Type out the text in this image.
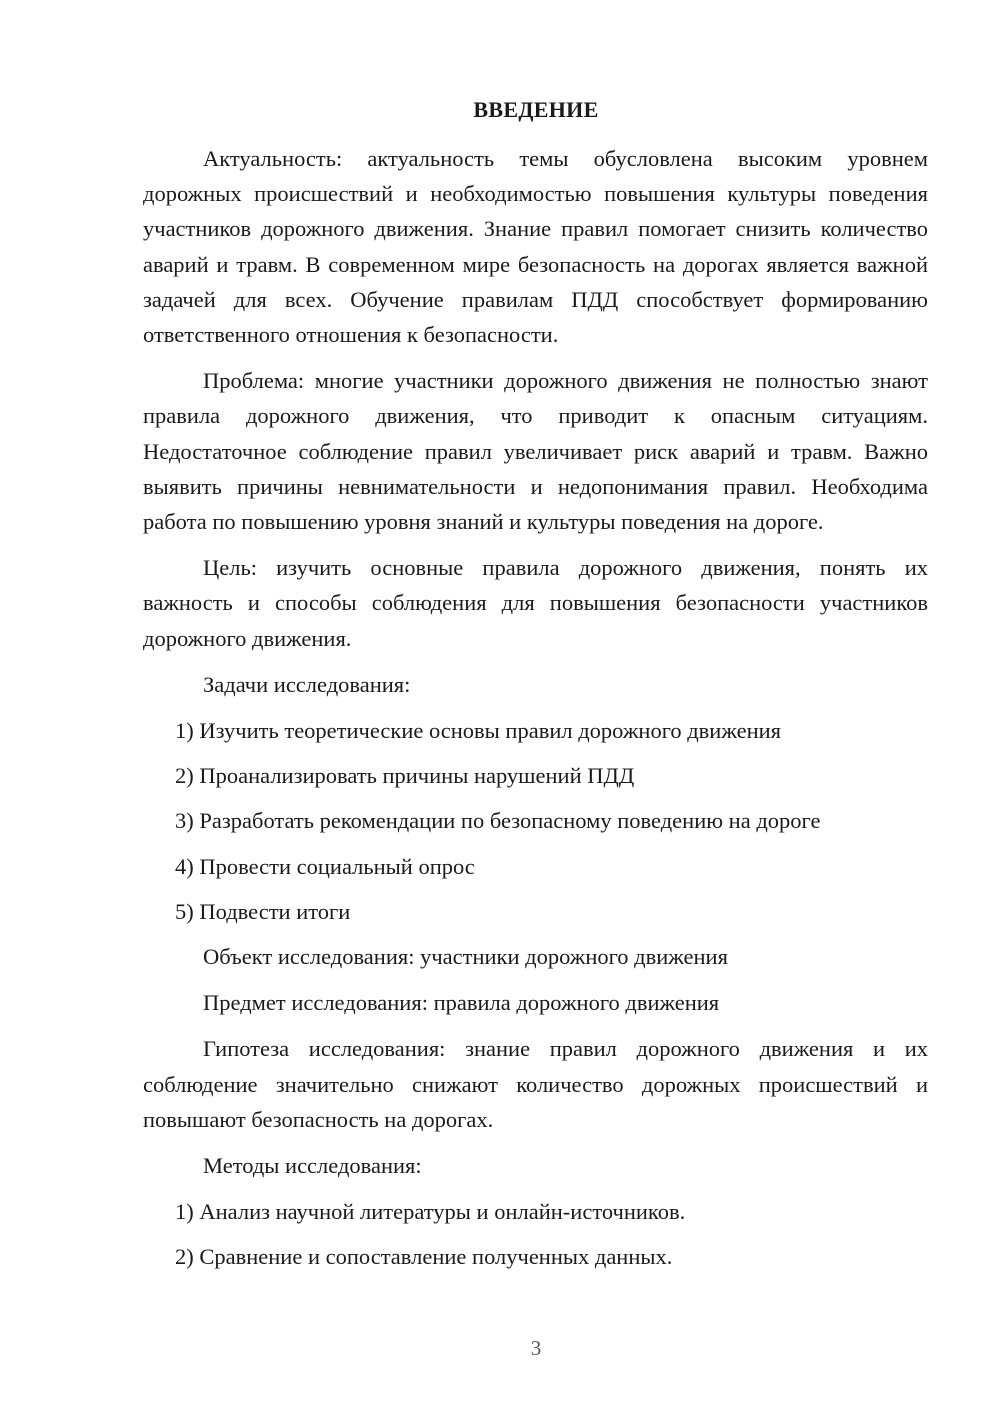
ВВЕДЕНИЕ

Актуальность: актуальность темы обусловлена высоким уровнем дорожных происшествий и необходимостью повышения культуры поведения участников дорожного движения. Знание правил помогает снизить количество аварий и травм. В современном мире безопасность на дорогах является важной задачей для всех. Обучение правилам ПДД способствует формированию ответственного отношения к безопасности.

Проблема: многие участники дорожного движения не полностью знают правила дорожного движения, что приводит к опасным ситуациям. Недостаточное соблюдение правил увеличивает риск аварий и травм. Важно выявить причины невнимательности и недопонимания правил. Необходима работа по повышению уровня знаний и культуры поведения на дороге.

Цель: изучить основные правила дорожного движения, понять их важность и способы соблюдения для повышения безопасности участников дорожного движения.

Задачи исследования:

1) Изучить теоретические основы правил дорожного движения

2) Проанализировать причины нарушений ПДД

3) Разработать рекомендации по безопасному поведению на дороге

4) Провести социальный опрос

5) Подвести итоги

Объект исследования: участники дорожного движения

Предмет исследования: правила дорожного движения

Гипотеза исследования: знание правил дорожного движения и их соблюдение значительно снижают количество дорожных происшествий и повышают безопасность на дорогах.

Методы исследования:

1) Анализ научной литературы и онлайн-источников.

2) Сравнение и сопоставление полученных данных.

3
